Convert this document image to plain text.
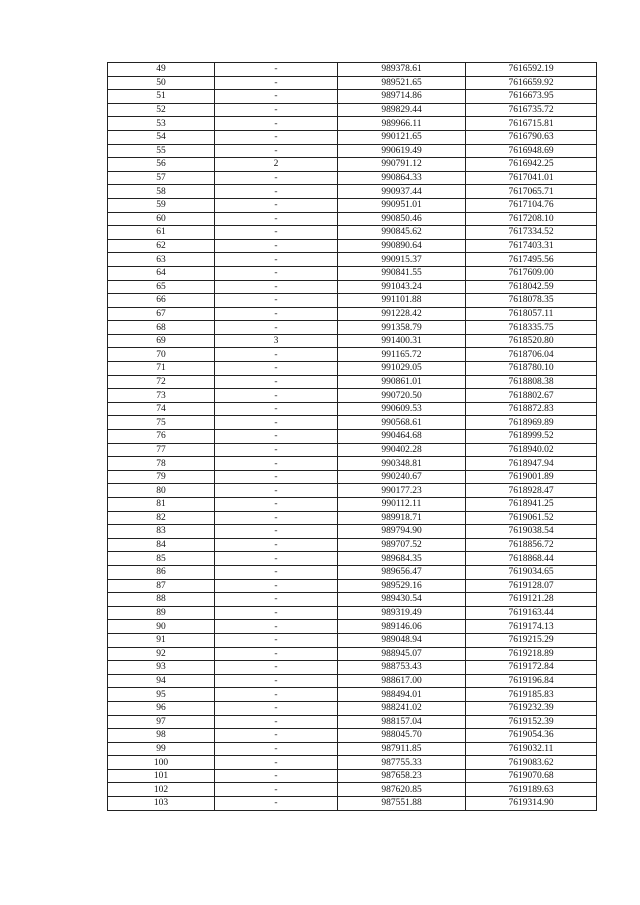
49	-	989378.61	7616592.19
50	-	989521.65	7616659.92
51	-	989714.86	7616673.95
52	-	989829.44	7616735.72
53	-	989966.11	7616715.81
54	-	990121.65	7616790.63
55	-	990619.49	7616948.69
56	2	990791.12	7616942.25
57	-	990864.33	7617041.01
58	-	990937.44	7617065.71
59	-	990951.01	7617104.76
60	-	990850.46	7617208.10
61	-	990845.62	7617334.52
62	-	990890.64	7617403.31
63	-	990915.37	7617495.56
64	-	990841.55	7617609.00
65	-	991043.24	7618042.59
66	-	991101.88	7618078.35
67	-	991228.42	7618057.11
68	-	991358.79	7618335.75
69	3	991400.31	7618520.80
70	-	991165.72	7618706.04
71	-	991029.05	7618780.10
72	-	990861.01	7618808.38
73	-	990720.50	7618802.67
74	-	990609.53	7618872.83
75	-	990568.61	7618969.89
76	-	990464.68	7618999.52
77	-	990402.28	7618940.02
78	-	990348.81	7618947.94
79	-	990240.67	7619001.89
80	-	990177.23	7618928.47
81	-	990112.11	7618941.25
82	-	989918.71	7619061.52
83	-	989794.90	7619038.54
84	-	989707.52	7618856.72
85	-	989684.35	7618868.44
86	-	989656.47	7619034.65
87	-	989529.16	7619128.07
88	-	989430.54	7619121.28
89	-	989319.49	7619163.44
90	-	989146.06	7619174.13
91	-	989048.94	7619215.29
92	-	988945.07	7619218.89
93	-	988753.43	7619172.84
94	-	988617.00	7619196.84
95	-	988494.01	7619185.83
96	-	988241.02	7619232.39
97	-	988157.04	7619152.39
98	-	988045.70	7619054.36
99	-	987911.85	7619032.11
100	-	987755.33	7619083.62
101	-	987658.23	7619070.68
102	-	987620.85	7619189.63
103	-	987551.88	7619314.90
